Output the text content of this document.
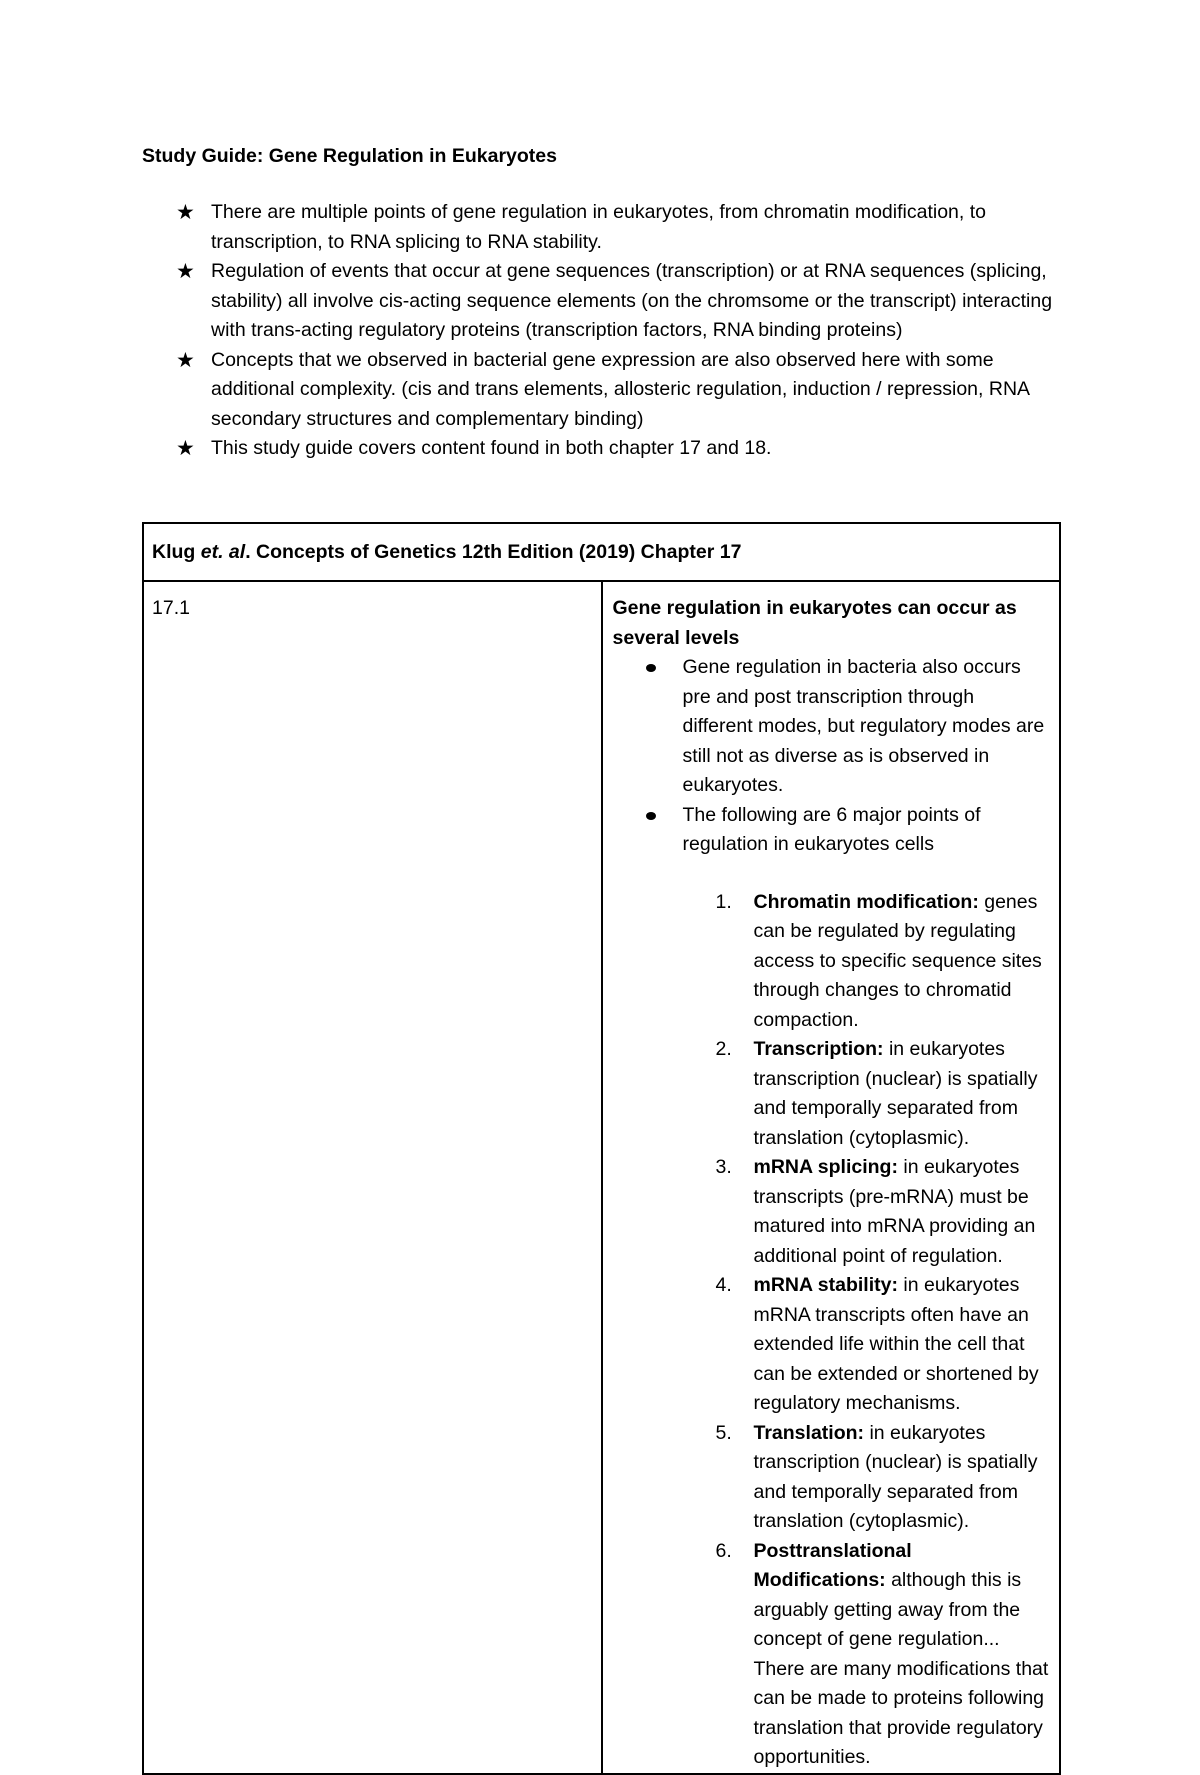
Study Guide: Gene Regulation in Eukaryotes
★ There are multiple points of gene regulation in eukaryotes, from chromatin modification, to transcription, to RNA splicing to RNA stability.
★ Regulation of events that occur at gene sequences (transcription) or at RNA sequences (splicing, stability) all involve cis-acting sequence elements (on the chromsome or the transcript) interacting with trans-acting regulatory proteins (transcription factors, RNA binding proteins)
★ Concepts that we observed in bacterial gene expression are also observed here with some additional complexity. (cis and trans elements, allosteric regulation, induction / repression, RNA secondary structures and complementary binding)
★ This study guide covers content found in both chapter 17 and 18.
Klug et. al. Concepts of Genetics 12th Edition (2019) Chapter 17
17.1	Gene regulation in eukaryotes can occur as several levels

Gene regulation in bacteria also occurs pre and post transcription through different modes, but regulatory modes are still not as diverse as is observed in eukaryotes.
The following are 6 major points of regulation in eukaryotes cells
1. Chromatin modification: genes can be regulated by regulating access to specific sequence sites through changes to chromatid compaction.
2. Transcription: in eukaryotes transcription (nuclear) is spatially and temporally separated from translation (cytoplasmic).
3. mRNA splicing: in eukaryotes transcripts (pre-mRNA) must be matured into mRNA providing an additional point of regulation.
4. mRNA stability: in eukaryotes mRNA transcripts often have an extended life within the cell that can be extended or shortened by regulatory mechanisms.
5. Translation: in eukaryotes transcription (nuclear) is spatially and temporally separated from translation (cytoplasmic).
6. Posttranslational Modifications: although this is arguably getting away from the concept of gene regulation... There are many modifications that can be made to proteins following translation that provide regulatory opportunities.
